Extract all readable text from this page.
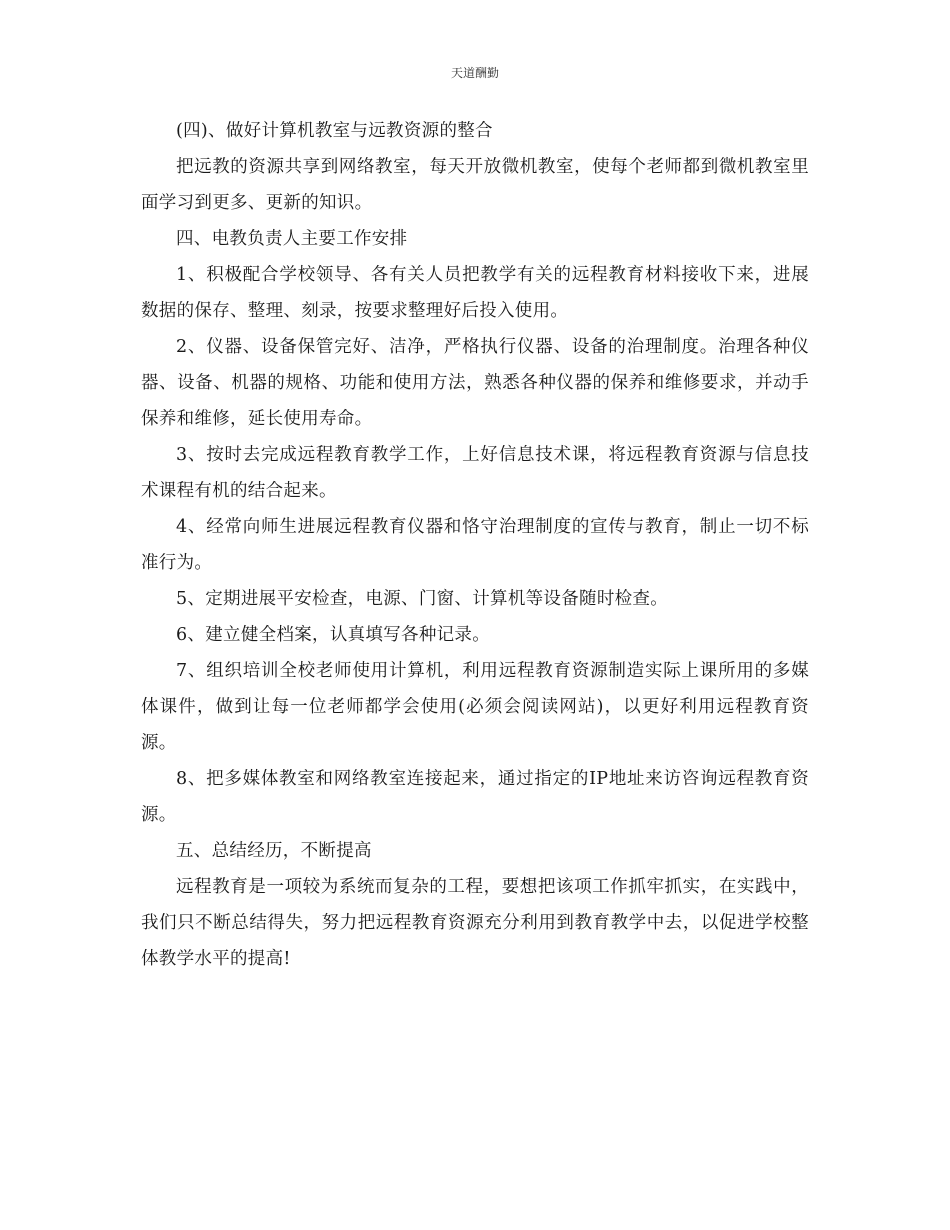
天道酬勤

(四)、做好计算机教室与远教资源的整合

把远教的资源共享到网络教室，每天开放微机教室，使每个老师都到微机教室里面学习到更多、更新的知识。

四、电教负责人主要工作安排

1、积极配合学校领导、各有关人员把教学有关的远程教育材料接收下来，进展数据的保存、整理、刻录，按要求整理好后投入使用。

2、仪器、设备保管完好、洁净，严格执行仪器、设备的治理制度。治理各种仪器、设备、机器的规格、功能和使用方法，熟悉各种仪器的保养和维修要求，并动手保养和维修，延长使用寿命。

3、按时去完成远程教育教学工作，上好信息技术课，将远程教育资源与信息技术课程有机的结合起来。

4、经常向师生进展远程教育仪器和恪守治理制度的宣传与教育，制止一切不标准行为。

5、定期进展平安检查，电源、门窗、计算机等设备随时检查。

6、建立健全档案，认真填写各种记录。

7、组织培训全校老师使用计算机，利用远程教育资源制造实际上课所用的多媒体课件，做到让每一位老师都学会使用(必须会阅读网站)，以更好利用远程教育资源。

8、把多媒体教室和网络教室连接起来，通过指定的IP地址来访咨询远程教育资源。

五、总结经历，不断提高

远程教育是一项较为系统而复杂的工程，要想把该项工作抓牢抓实，在实践中，我们只不断总结得失，努力把远程教育资源充分利用到教育教学中去，以促进学校整体教学水平的提高!
